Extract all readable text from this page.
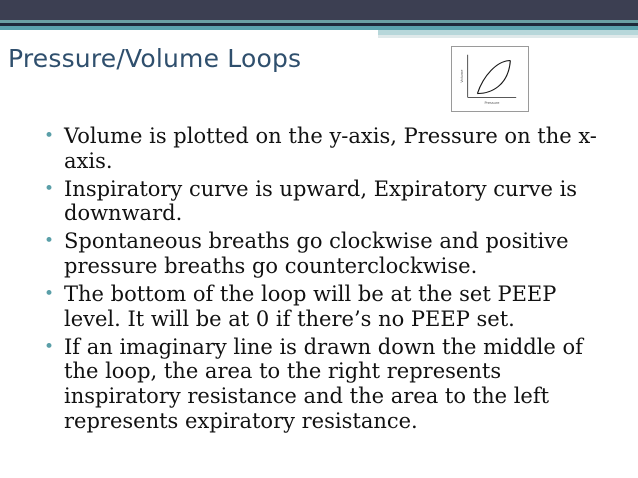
Pressure/Volume Loops
Volume
Pressure
• Volume is plotted on the y-axis, Pressure on the x-axis.
• Inspiratory curve is upward, Expiratory curve is downward.
• Spontaneous breaths go clockwise and positive pressure breaths go counterclockwise.
• The bottom of the loop will be at the set PEEP level. It will be at 0 if there’s no PEEP set.
• If an imaginary line is drawn down the middle of the loop, the area to the right represents inspiratory resistance and the area to the left represents expiratory resistance.
